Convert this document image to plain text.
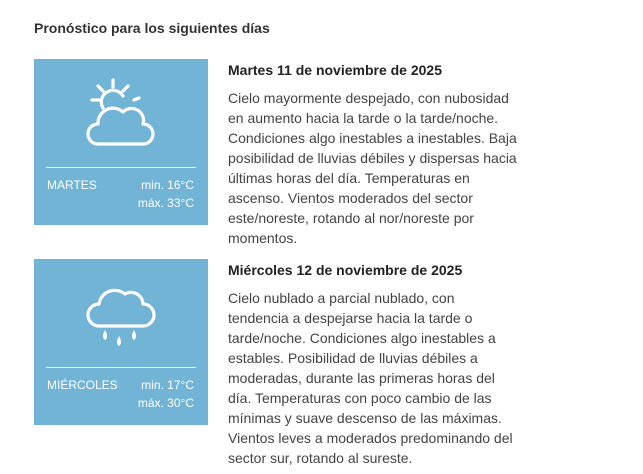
Pronóstico para los siguientes días
MARTES	min. 16°C
máx. 33°C

Martes 11 de noviembre de 2025

Cielo mayormente despejado, con nubosidad en aumento hacia la tarde o la tarde/noche. Condiciones algo inestables a inestables. Baja posibilidad de lluvias débiles y dispersas hacia últimas horas del día. Temperaturas en ascenso. Vientos moderados del sector este/noreste, rotando al nor/noreste por momentos.

MIÉRCOLES min. 17°C
máx. 30°C

Miércoles 12 de noviembre de 2025

Cielo nublado a parcial nublado, con tendencia a despejarse hacia la tarde o tarde/noche. Condiciones algo inestables a estables. Posibilidad de lluvias débiles a moderadas, durante las primeras horas del día. Temperaturas con poco cambio de las mínimas y suave descenso de las máximas. Vientos leves a moderados predominando del sector sur, rotando al sureste.
